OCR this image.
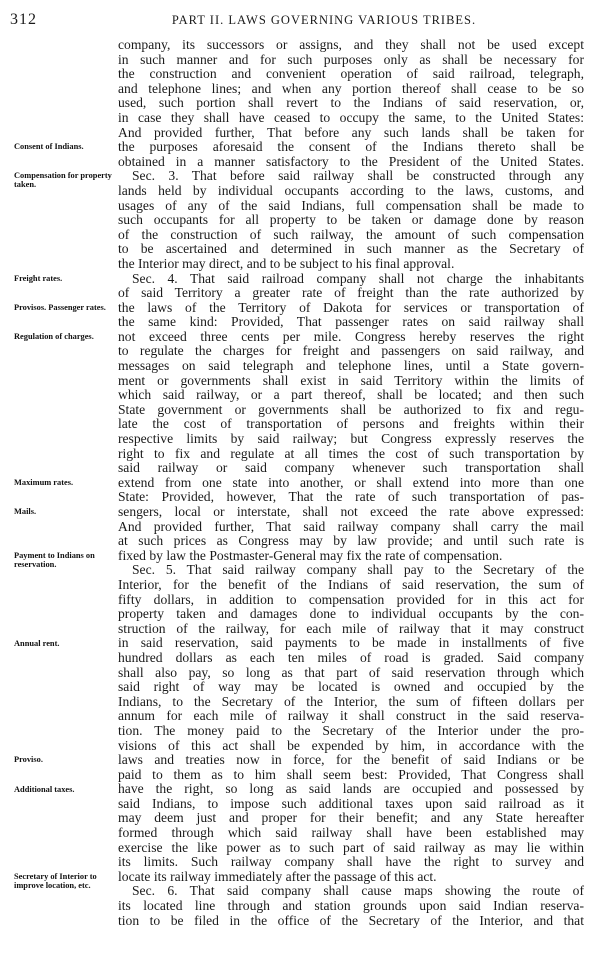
312	PART II. LAWS GOVERNING VARIOUS TRIBES.
Consent of Indians.
Compensation for property taken.
Freight rates.
Provisos. Passenger rates.
Regulation of charges.
Maximum rates.
Mails.
Payment to Indians on reservation.
Annual rent.
Proviso.
Additional taxes.
Secretary of Interior to improve location, etc.
company, its successors or assigns, and they shall not be used except
in such manner and for such purposes only as shall be necessary for
the construction and convenient operation of said railroad, telegraph,
and telephone lines; and when any portion thereof shall cease to be so
used, such portion shall revert to the Indians of said reservation, or,
in case they shall have ceased to occupy the same, to the United States:
And provided further, That before any such lands shall be taken for
the purposes aforesaid the consent of the Indians thereto shall be
obtained in a manner satisfactory to the President of the United States.
Sec. 3. That before said railway shall be constructed through any
lands held by individual occupants according to the laws, customs, and
usages of any of the said Indians, full compensation shall be made to
such occupants for all property to be taken or damage done by reason
of the construction of such railway, the amount of such compensation
to be ascertained and determined in such manner as the Secretary of
the Interior may direct, and to be subject to his final approval.
Sec. 4. That said railroad company shall not charge the inhabitants
of said Territory a greater rate of freight than the rate authorized by
the laws of the Territory of Dakota for services or transportation of
the same kind: Provided, That passenger rates on said railway shall
not exceed three cents per mile. Congress hereby reserves the right
to regulate the charges for freight and passengers on said railway, and
messages on said telegraph and telephone lines, until a State govern-
ment or governments shall exist in said Territory within the limits of
which said railway, or a part thereof, shall be located; and then such
State government or governments shall be authorized to fix and regu-
late the cost of transportation of persons and freights within their
respective limits by said railway; but Congress expressly reserves the
right to fix and regulate at all times the cost of such transportation by
said railway or said company whenever such transportation shall
extend from one state into another, or shall extend into more than one
State: Provided, however, That the rate of such transportation of pas-
sengers, local or interstate, shall not exceed the rate above expressed:
And provided further, That said railway company shall carry the mail
at such prices as Congress may by law provide; and until such rate is
fixed by law the Postmaster-General may fix the rate of compensation.
Sec. 5. That said railway company shall pay to the Secretary of the
Interior, for the benefit of the Indians of said reservation, the sum of
fifty dollars, in addition to compensation provided for in this act for
property taken and damages done to individual occupants by the con-
struction of the railway, for each mile of railway that it may construct
in said reservation, said payments to be made in installments of five
hundred dollars as each ten miles of road is graded. Said company
shall also pay, so long as that part of said reservation through which
said right of way may be located is owned and occupied by the
Indians, to the Secretary of the Interior, the sum of fifteen dollars per
annum for each mile of railway it shall construct in the said reserva-
tion. The money paid to the Secretary of the Interior under the pro-
visions of this act shall be expended by him, in accordance with the
laws and treaties now in force, for the benefit of said Indians or be
paid to them as to him shall seem best: Provided, That Congress shall
have the right, so long as said lands are occupied and possessed by
said Indians, to impose such additional taxes upon said railroad as it
may deem just and proper for their benefit; and any State hereafter
formed through which said railway shall have been established may
exercise the like power as to such part of said railway as may lie within
its limits. Such railway company shall have the right to survey and
locate its railway immediately after the passage of this act.
Sec. 6. That said company shall cause maps showing the route of
its located line through and station grounds upon said Indian reserva-
tion to be filed in the office of the Secretary of the Interior, and that
